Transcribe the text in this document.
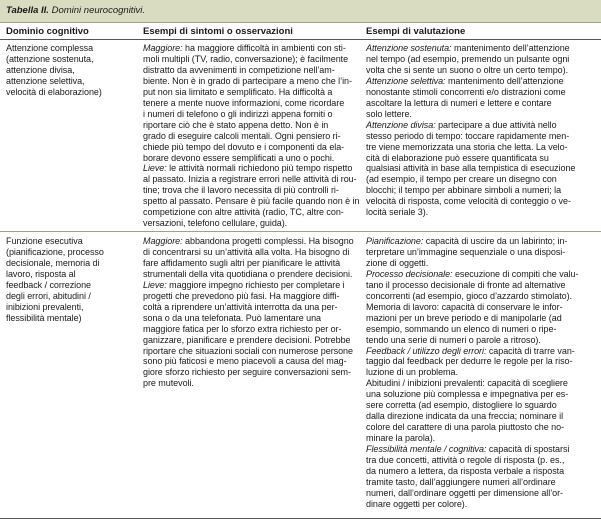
Tabella II. Domini neurocognitivi.
Dominio cognitivo	Esempi di sintomi o osservazioni	Esempi di valutazione

Attenzione complessa

(attenzione sostenuta,

attenzione divisa,

attenzione selettiva,

velocità di elaborazione)

Maggiore: ha maggiore difficoltà in ambienti con sti-

moli multipli (TV, radio, conversazione); è facilmente

distratto da avvenimenti in competizione nell’am-

biente. Non è in grado di partecipare a meno che l’in-

put non sia limitato e semplificato. Ha difficoltà a

tenere a mente nuove informazioni, come ricordare

i numeri di telefono o gli indirizzi appena forniti o

riportare ciò che è stato appena detto. Non è in

grado di eseguire calcoli mentali. Ogni pensiero ri-

chiede più tempo del dovuto e i componenti da ela-

borare devono essere semplificati a uno o pochi.

Lieve: le attività normali richiedono più tempo rispetto

al passato. Inizia a registrare errori nelle attività di rou-

tine; trova che il lavoro necessita di più controlli ri-

spetto al passato. Pensare è più facile quando non è in

competizione con altre attività (radio, TC, altre con-

versazioni, telefono cellulare, guida).

Attenzione sostenuta: mantenimento dell’attenzione

nel tempo (ad esempio, premendo un pulsante ogni

volta che si sente un suono o oltre un certo tempo).

Attenzione selettiva: mantenimento dell’attenzione

nonostante stimoli concorrenti e/o distrazioni come

ascoltare la lettura di numeri e lettere e contare

solo lettere.

Attenzione divisa: partecipare a due attività nello

stesso periodo di tempo: toccare rapidamente men-

tre viene memorizzata una storia che letta. La velo-

cità di elaborazione può essere quantificata su

qualsiasi attività in base alla tempistica di esecuzione

(ad esempio, il tempo per creare un disegno con

blocchi; il tempo per abbinare simboli a numeri; la

velocità di risposta, come velocità di conteggio o ve-

locità seriale 3).

Funzione esecutiva

(pianificazione, processo

decisionale, memoria di

lavoro, risposta al

feedback / correzione

degli errori, abitudini /

inibizioni prevalenti,

flessibilità mentale)

Maggiore: abbandona progetti complessi. Ha bisogno

di concentrarsi su un’attività alla volta. Ha bisogno di

fare affidamento sugli altri per pianificare le attività

strumentali della vita quotidiana o prendere decisioni.

Lieve: maggiore impegno richiesto per completare i

progetti che prevedono più fasi. Ha maggiore diffi-

coltà a riprendere un’attività interrotta da una per-

sona o da una telefonata. Può lamentare una

maggiore fatica per lo sforzo extra richiesto per or-

ganizzare, pianificare e prendere decisioni. Potrebbe

riportare che situazioni sociali con numerose persone

sono più faticosi e meno piacevoli a causa del mag-

giore sforzo richiesto per seguire conversazioni sem-

pre mutevoli.

Pianificazione: capacità di uscire da un labirinto; in-

terpretare un’immagine sequenziale o una disposi-

zione di oggetti.

Processo decisionale: esecuzione di compiti che valu-

tano il processo decisionale di fronte ad alternative

concorrenti (ad esempio, gioco d’azzardo stimolato).

Memoria di lavoro: capacità di conservare le infor-

mazioni per un breve periodo e di manipolarle (ad

esempio, sommando un elenco di numeri o ripe-

tendo una serie di numeri o parole a ritroso).

Feedback / utilizzo degli errori: capacità di trarre van-

taggio dal feedback per dedurre le regole per la riso-

luzione di un problema.

Abitudini / inibizioni prevalenti: capacità di scegliere

una soluzione più complessa e impegnativa per es-

sere corretta (ad esempio, distogliere lo sguardo

dalla direzione indicata da una freccia; nominare il

colore del carattere di una parola piuttosto che no-

minare la parola).

Flessibilità mentale / cognitiva: capacità di spostarsi

tra due concetti, attività o regole di risposta (p. es.,

da numero a lettera, da risposta verbale a risposta

tramite tasto, dall’aggiungere numeri all’ordinare

numeri, dall’ordinare oggetti per dimensione all’or-

dinare oggetti per colore).
